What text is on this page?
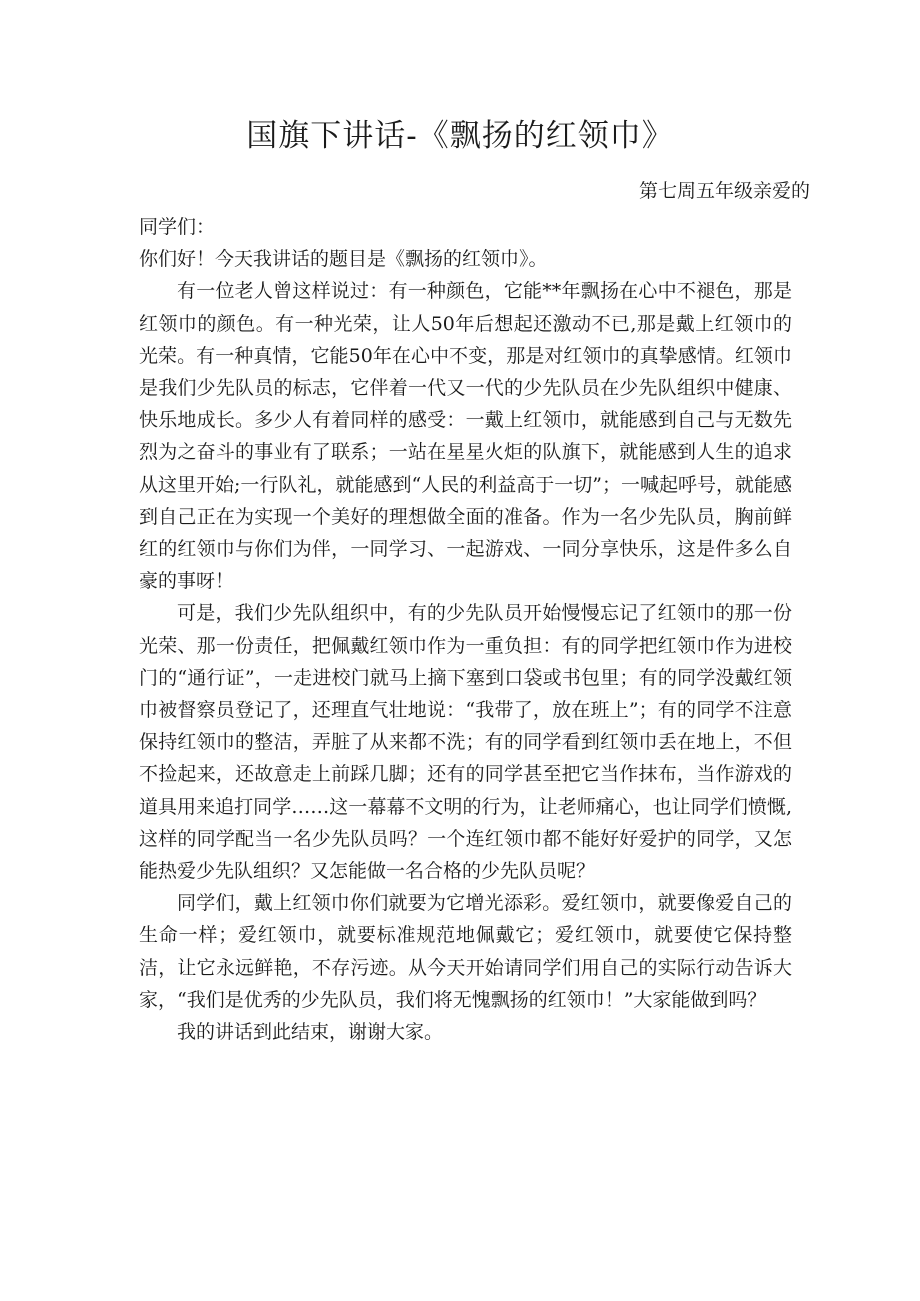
国旗下讲话-《飘扬的红领巾》
第七周五年级亲爱的

同学们：

你们好！今天我讲话的题目是《飘扬的红领巾》。

有一位老人曾这样说过：有一种颜色，它能**年飘扬在心中不褪色，那是红领巾的颜色。有一种光荣，让人50年后想起还激动不已,那是戴上红领巾的光荣。有一种真情，它能50年在心中不变，那是对红领巾的真挚感情。红领巾是我们少先队员的标志，它伴着一代又一代的少先队员在少先队组织中健康、快乐地成长。多少人有着同样的感受：一戴上红领巾，就能感到自己与无数先烈为之奋斗的事业有了联系；一站在星星火炬的队旗下，就能感到人生的追求从这里开始;一行队礼，就能感到“人民的利益高于一切”；一喊起呼号，就能感到自己正在为实现一个美好的理想做全面的准备。作为一名少先队员，胸前鲜红的红领巾与你们为伴，一同学习、一起游戏、一同分享快乐，这是件多么自豪的事呀！

可是，我们少先队组织中，有的少先队员开始慢慢忘记了红领巾的那一份光荣、那一份责任，把佩戴红领巾作为一重负担：有的同学把红领巾作为进校门的“通行证”，一走进校门就马上摘下塞到口袋或书包里；有的同学没戴红领巾被督察员登记了，还理直气壮地说：“我带了，放在班上”；有的同学不注意保持红领巾的整洁，弄脏了从来都不洗；有的同学看到红领巾丢在地上，不但不捡起来，还故意走上前踩几脚；还有的同学甚至把它当作抹布，当作游戏的道具用来追打同学……这一幕幕不文明的行为，让老师痛心，也让同学们愤慨,这样的同学配当一名少先队员吗？一个连红领巾都不能好好爱护的同学，又怎能热爱少先队组织？又怎能做一名合格的少先队员呢？

同学们，戴上红领巾你们就要为它增光添彩。爱红领巾，就要像爱自己的生命一样；爱红领巾，就要标准规范地佩戴它；爱红领巾，就要使它保持整洁，让它永远鲜艳，不存污迹。从今天开始请同学们用自己的实际行动告诉大家，“我们是优秀的少先队员，我们将无愧飘扬的红领巾！”大家能做到吗？

我的讲话到此结束，谢谢大家。
